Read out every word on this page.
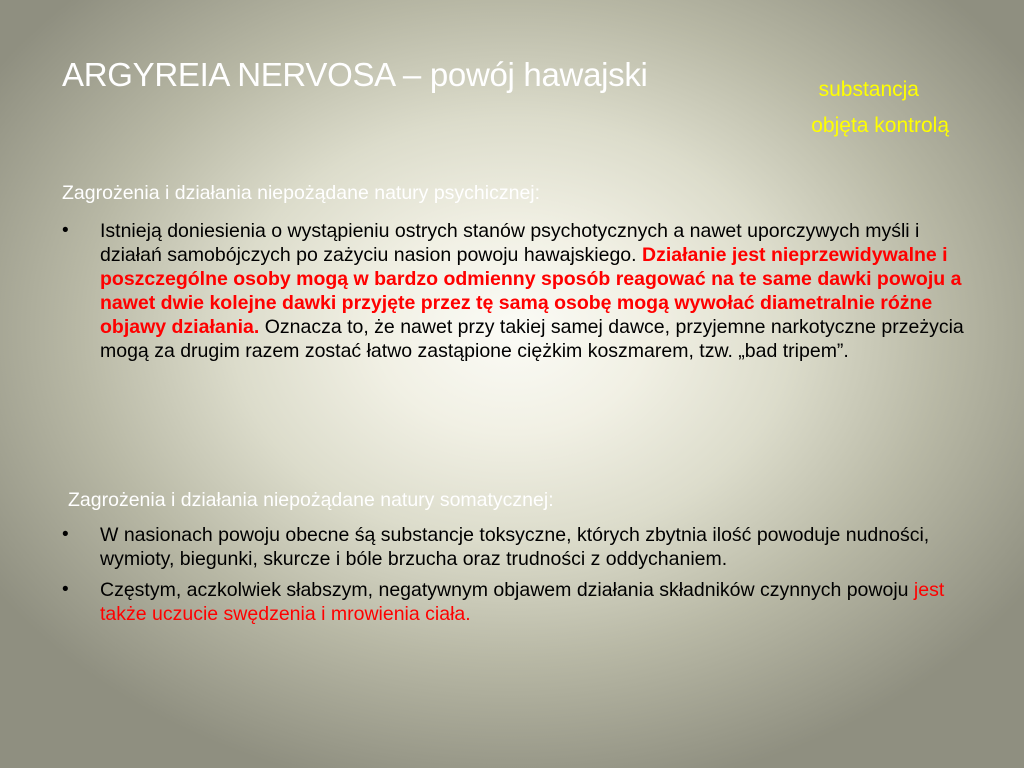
ARGYREIA NERVOSA – powój hawajski	substancja
objęta kontrolą

Zagrożenia i działania niepożądane natury psychicznej:

• Istnieją doniesienia o wystąpieniu ostrych stanów psychotycznych a nawet uporczywych myśli i działań samobójczych po zażyciu nasion powoju hawajskiego. Działanie jest nieprzewidywalne i poszczególne osoby mogą w bardzo odmienny sposób reagować na te same dawki powoju a nawet dwie kolejne dawki przyjęte przez tę samą osobę mogą wywołać diametralnie różne objawy działania. Oznacza to, że nawet przy takiej samej dawce, przyjemne narkotyczne przeżycia mogą za drugim razem zostać łatwo zastąpione ciężkim koszmarem, tzw. „bad tripem”.

Zagrożenia i działania niepożądane natury somatycznej:

• W nasionach powoju obecne śą substancje toksyczne, których zbytnia ilość powoduje nudności, wymioty, biegunki, skurcze i bóle brzucha oraz trudności z oddychaniem.
• Częstym, aczkolwiek słabszym, negatywnym objawem działania składników czynnych powoju jest także uczucie swędzenia i mrowienia ciała.
